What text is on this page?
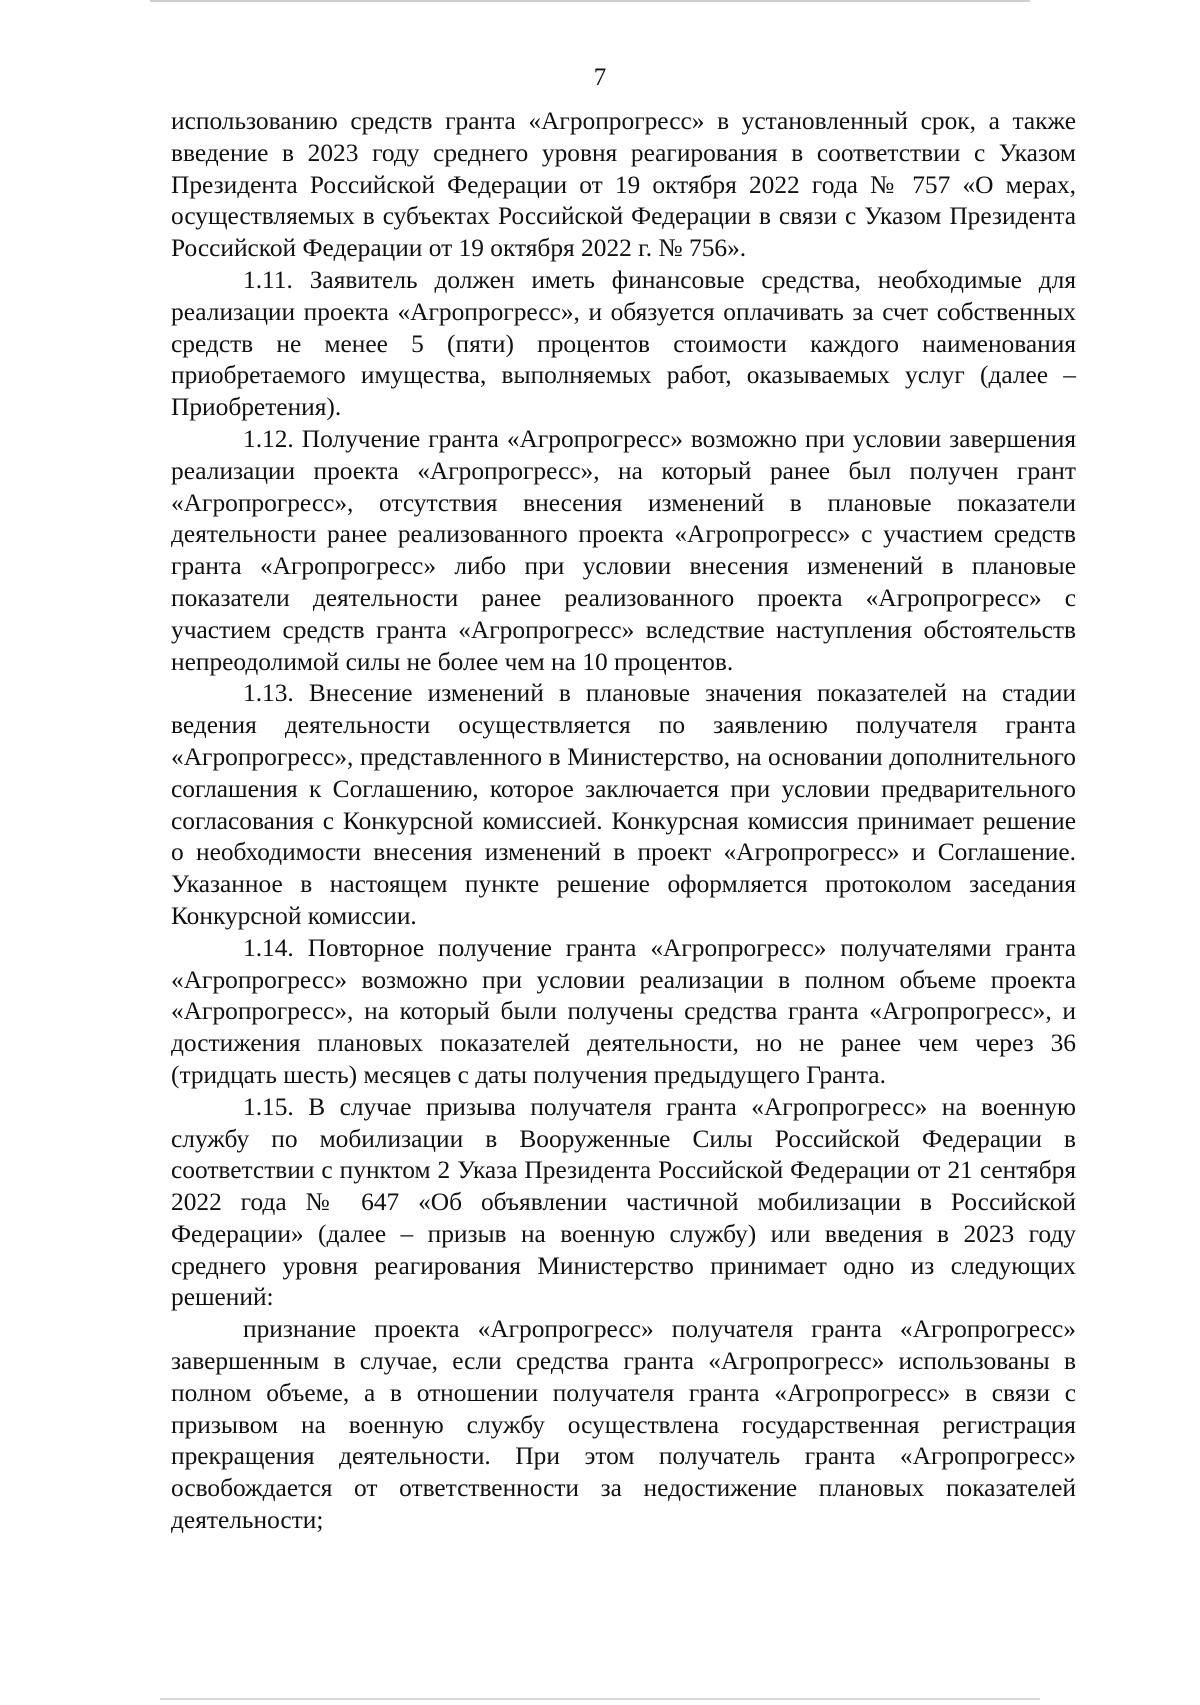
7

использованию средств гранта «Агропрогресс» в установленный срок, а также введение в 2023 году среднего уровня реагирования в соответствии с Указом Президента Российской Федерации от 19 октября 2022 года № 757 «О мерах, осуществляемых в субъектах Российской Федерации в связи с Указом Президента Российской Федерации от 19 октября 2022 г. № 756».

1.11. Заявитель должен иметь финансовые средства, необходимые для реализации проекта «Агропрогресс», и обязуется оплачивать за счет собственных средств не менее 5 (пяти) процентов стоимости каждого наименования приобретаемого имущества, выполняемых работ, оказываемых услуг (далее – Приобретения).

1.12. Получение гранта «Агропрогресс» возможно при условии завершения реализации проекта «Агропрогресс», на который ранее был получен грант «Агропрогресс», отсутствия внесения изменений в плановые показатели деятельности ранее реализованного проекта «Агропрогресс» с участием средств гранта «Агропрогресс» либо при условии внесения изменений в плановые показатели деятельности ранее реализованного проекта «Агропрогресс» с участием средств гранта «Агропрогресс» вследствие наступления обстоятельств непреодолимой силы не более чем на 10 процентов.

1.13. Внесение изменений в плановые значения показателей на стадии ведения деятельности осуществляется по заявлению получателя гранта «Агропрогресс», представленного в Министерство, на основании дополнительного соглашения к Соглашению, которое заключается при условии предварительного согласования с Конкурсной комиссией. Конкурсная комиссия принимает решение о необходимости внесения изменений в проект «Агропрогресс» и Соглашение. Указанное в настоящем пункте решение оформляется протоколом заседания Конкурсной комиссии.

1.14. Повторное получение гранта «Агропрогресс» получателями гранта «Агропрогресс» возможно при условии реализации в полном объеме проекта «Агропрогресс», на который были получены средства гранта «Агропрогресс», и достижения плановых показателей деятельности, но не ранее чем через 36 (тридцать шесть) месяцев с даты получения предыдущего Гранта.

1.15. В случае призыва получателя гранта «Агропрогресс» на военную службу по мобилизации в Вооруженные Силы Российской Федерации в соответствии с пунктом 2 Указа Президента Российской Федерации от 21 сентября 2022 года № 647 «Об объявлении частичной мобилизации в Российской Федерации» (далее – призыв на военную службу) или введения в 2023 году среднего уровня реагирования Министерство принимает одно из следующих решений:

признание проекта «Агропрогресс» получателя гранта «Агропрогресс» завершенным в случае, если средства гранта «Агропрогресс» использованы в полном объеме, а в отношении получателя гранта «Агропрогресс» в связи с призывом на военную службу осуществлена государственная регистрация прекращения деятельности. При этом получатель гранта «Агропрогресс» освобождается от ответственности за недостижение плановых показателей деятельности;
